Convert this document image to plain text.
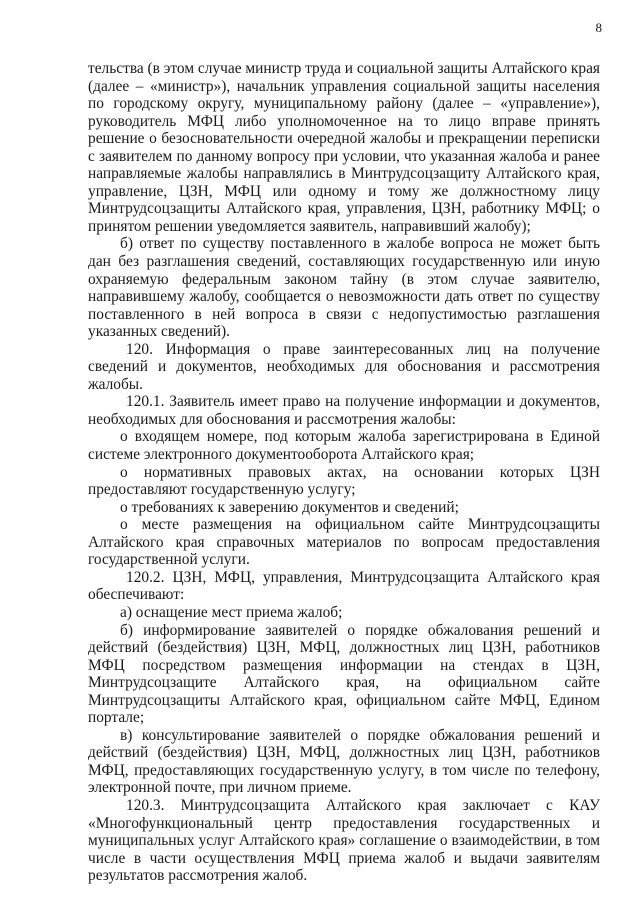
8

тельства (в этом случае министр труда и социальной защиты Алтайского края (далее – «министр»), начальник управления социальной защиты населения по городскому округу, муниципальному району (далее – «управление»), руководитель МФЦ либо уполномоченное на то лицо вправе принять решение о безосновательности очередной жалобы и прекращении переписки с заявителем по данному вопросу при условии, что указанная жалоба и ранее направляемые жалобы направлялись в Минтрудсоцзащиту Алтайского края, управление, ЦЗН, МФЦ или одному и тому же должностному лицу Минтрудсоцзащиты Алтайского края, управления, ЦЗН, работнику МФЦ; о принятом решении уведомляется заявитель, направивший жалобу);

б) ответ по существу поставленного в жалобе вопроса не может быть дан без разглашения сведений, составляющих государственную или иную охраняемую федеральным законом тайну (в этом случае заявителю, направившему жалобу, сообщается о невозможности дать ответ по существу поставленного в ней вопроса в связи с недопустимостью разглашения указанных сведений).

120. Информация о праве заинтересованных лиц на получение сведений и документов, необходимых для обоснования и рассмотрения жалобы.

120.1. Заявитель имеет право на получение информации и документов, необходимых для обоснования и рассмотрения жалобы:

о входящем номере, под которым жалоба зарегистрирована в Единой системе электронного документооборота Алтайского края;

о нормативных правовых актах, на основании которых ЦЗН предоставляют государственную услугу;

о требованиях к заверению документов и сведений;

о месте размещения на официальном сайте Минтрудсоцзащиты Алтайского края справочных материалов по вопросам предоставления государственной услуги.

120.2. ЦЗН, МФЦ, управления, Минтрудсоцзащита Алтайского края обеспечивают:

а) оснащение мест приема жалоб;

б) информирование заявителей о порядке обжалования решений и действий (бездействия) ЦЗН, МФЦ, должностных лиц ЦЗН, работников МФЦ посредством размещения информации на стендах в ЦЗН, Минтрудсоцзащите Алтайского края, на официальном сайте Минтрудсоцзащиты Алтайского края, официальном сайте МФЦ, Едином портале;

в) консультирование заявителей о порядке обжалования решений и действий (бездействия) ЦЗН, МФЦ, должностных лиц ЦЗН, работников МФЦ, предоставляющих государственную услугу, в том числе по телефону, электронной почте, при личном приеме.

120.3. Минтрудсоцзащита Алтайского края заключает с КАУ «Многофункциональный центр предоставления государственных и муниципальных услуг Алтайского края» соглашение о взаимодействии, в том числе в части осуществления МФЦ приема жалоб и выдачи заявителям результатов рассмотрения жалоб.
